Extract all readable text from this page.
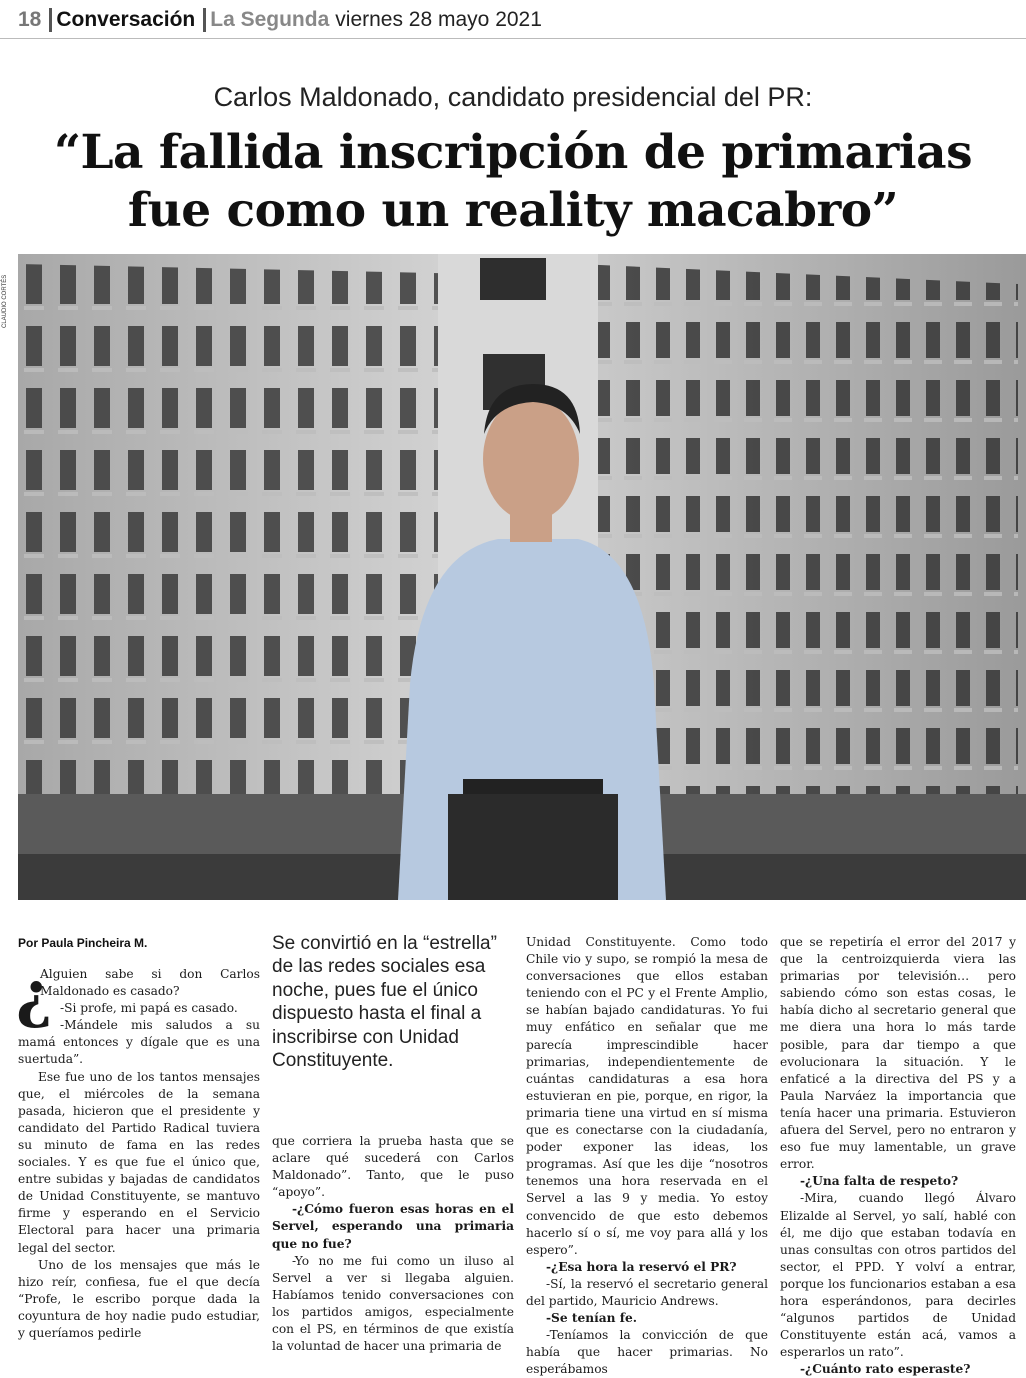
18 Conversación La Segunda viernes 28 mayo 2021
Carlos Maldonado, candidato presidencial del PR:
“La fallida inscripción de primarias
fue como un reality macabro”
CLAUDIO CORTÉS
Por Paula Pincheira M.
¿

Alguien sabe si don Carlos Maldonado es casado?

-Si profe, mi papá es casado.

-Mándele mis saludos a su mamá entonces y dígale que es una suertuda”.

Ese fue uno de los tantos mensajes que, el miércoles de la semana pasada, hicieron que el presidente y candidato del Partido Radical tuviera su minuto de fama en las redes sociales. Y es que fue el único que, entre subidas y bajadas de candidatos de Unidad Constituyente, se mantuvo firme y esperando en el Servicio Electoral para hacer una primaria legal del sector.

Uno de los mensajes que más le hizo reír, confiesa, fue el que decía “Profe, le escribo porque dada la coyuntura de hoy nadie pudo estudiar, y queríamos pedirle

Se convirtió en la “estrella” de las redes sociales esa noche, pues fue el único dispuesto hasta el final a inscribirse con Unidad Constituyente.

que corriera la prueba hasta que se aclare qué sucederá con Carlos Maldonado”. Tanto, que le puso “apoyo”.

-¿Cómo fueron esas horas en el Servel, esperando una primaria que no fue?

-Yo no me fui como un iluso al Servel a ver si llegaba alguien. Habíamos tenido conversaciones con los partidos amigos, especialmente con el PS, en términos de que existía la voluntad de hacer una primaria de

Unidad Constituyente. Como todo Chile vio y supo, se rompió la mesa de conversaciones que ellos estaban teniendo con el PC y el Frente Amplio, se habían bajado candidaturas. Yo fui muy enfático en señalar que me parecía imprescindible hacer primarias, independientemente de cuántas candidaturas a esa hora estuvieran en pie, porque, en rigor, la primaria tiene una virtud en sí misma que es conectarse con la ciudadanía, poder exponer las ideas, los programas. Así que les dije “nosotros tenemos una hora reservada en el Servel a las 9 y media. Yo estoy convencido de que esto debemos hacerlo sí o sí, me voy para allá y los espero”.

-¿Esa hora la reservó el PR?

-Sí, la reservó el secretario general del partido, Mauricio Andrews.

-Se tenían fe.

-Teníamos la convicción de que había que hacer primarias. No esperábamos

que se repetiría el error del 2017 y que la centroizquierda viera las primarias por televisión… pero sabiendo cómo son estas cosas, le había dicho al secretario general que me diera una hora lo más tarde posible, para dar tiempo a que evolucionara la situación. Y le enfaticé a la directiva del PS y a Paula Narváez la importancia que tenía hacer una primaria. Estuvieron afuera del Servel, pero no entraron y eso fue muy lamentable, un grave error.

-¿Una falta de respeto?

-Mira, cuando llegó Álvaro Elizalde al Servel, yo salí, hablé con él, me dijo que estaban todavía en unas consultas con otros partidos del sector, el PPD. Y volví a entrar, porque los funcionarios estaban a esa hora esperándonos, para decirles “algunos partidos de Unidad Constituyente están acá, vamos a esperarlos un rato”.

-¿Cuánto rato esperaste?
